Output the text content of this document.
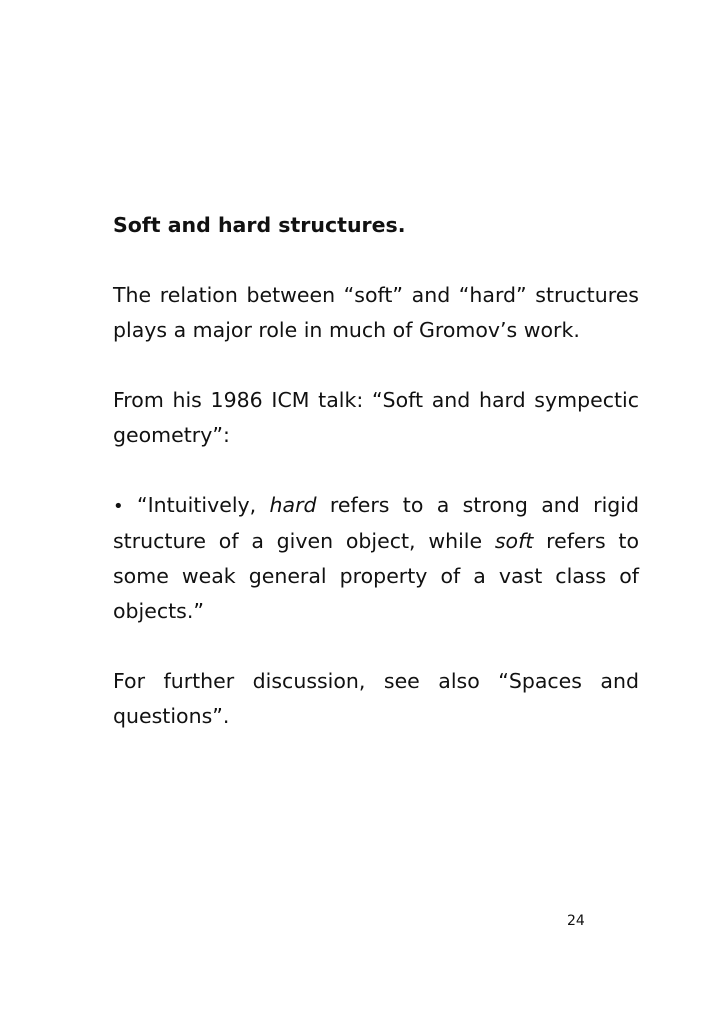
Soft and hard structures.
The relation between “soft” and “hard” structures plays a major role in much of Gromov’s work.
From his 1986 ICM talk: “Soft and hard sympectic geometry”:
• “Intuitively, hard refers to a strong and rigid structure of a given object, while soft refers to some weak general property of a vast class of objects.”
For further discussion, see also “Spaces and questions”.
24
